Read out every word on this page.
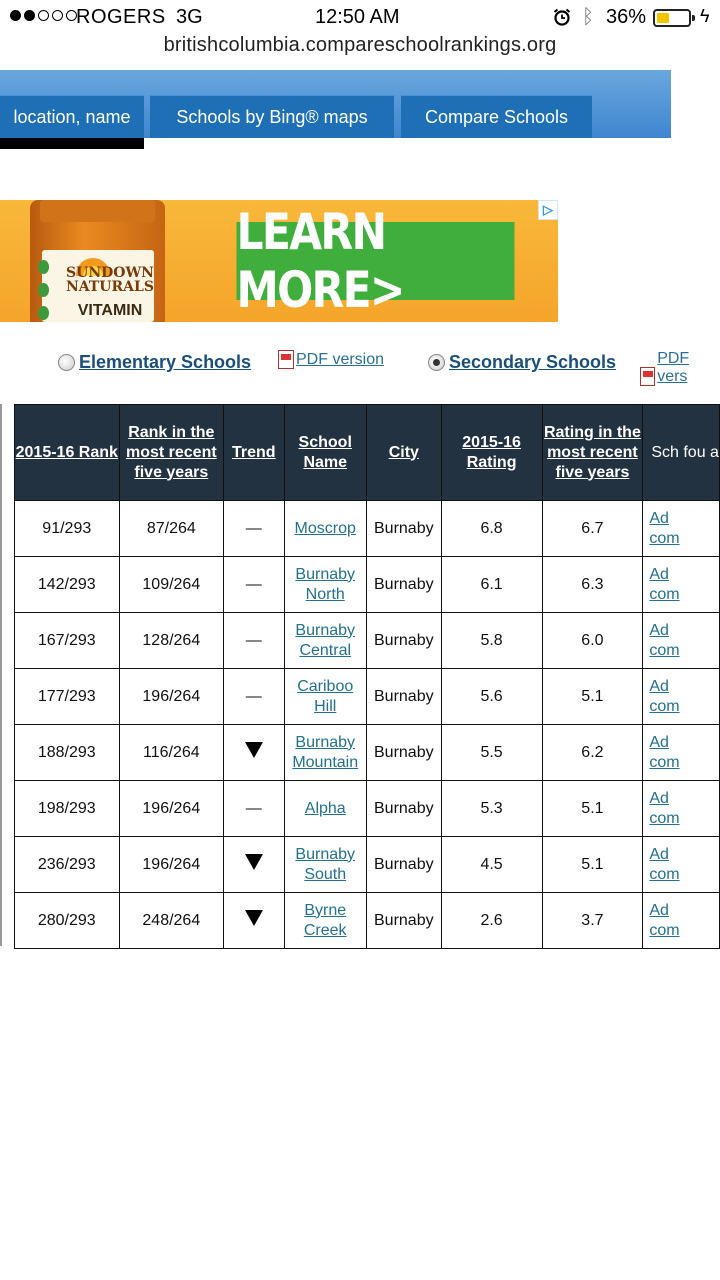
ROGERS 3G	12:50 AM	ᛒ 36%	ϟ
britishcolumbia.compareschoolrankings.org
location, name	Schools by Bing® maps	Compare Schools
SUNDOWN NATURALS
VITAMIN
LEARN MORE>
▷
Elementary Schools	PDF version	Secondary Schools	PDF vers
2015-16 Rank	Rank in the most recent five years	Trend	School Name	City	2015-16 Rating	Rating in the most recent five years	Sch fou a
91/293	87/264	—	Moscrop	Burnaby	6.8	6.7	Ad
com
142/293	109/264	—	Burnaby North	Burnaby	6.1	6.3	Ad
com
167/293	128/264	—	Burnaby Central	Burnaby	5.8	6.0	Ad
com
177/293	196/264	—	Cariboo Hill	Burnaby	5.6	5.1	Ad
com
188/293	116/264		Burnaby Mountain	Burnaby	5.5	6.2	Ad
com
198/293	196/264	—	Alpha	Burnaby	5.3	5.1	Ad
com
236/293	196/264		Burnaby South	Burnaby	4.5	5.1	Ad
com
280/293	248/264		Byrne Creek	Burnaby	2.6	3.7	Ad
com
